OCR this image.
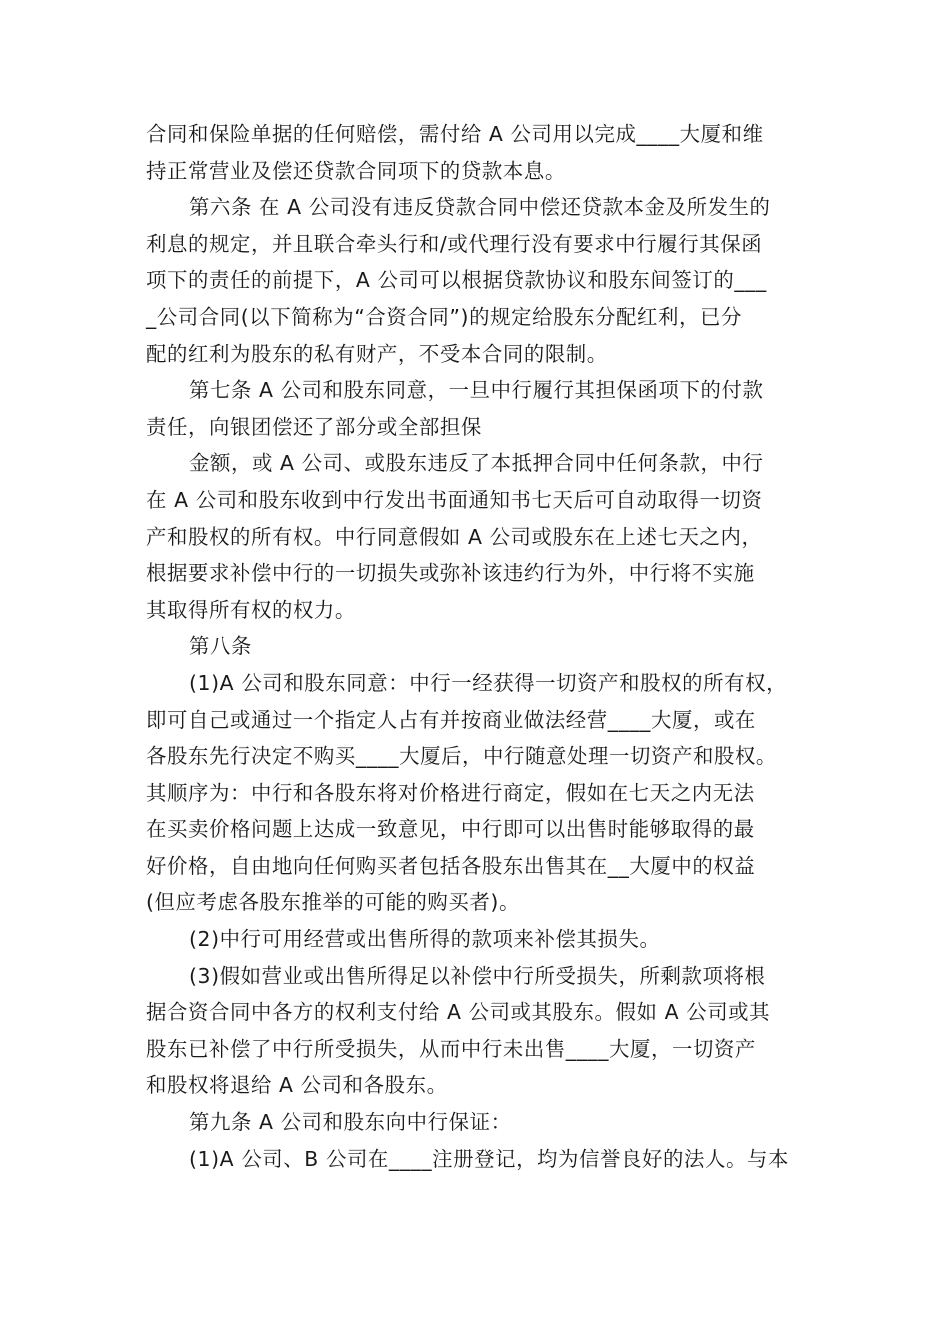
合同和保险单据的任何赔偿，需付给 A 公司用以完成____大厦和维
持正常营业及偿还贷款合同项下的贷款本息。
第六条 在 A 公司没有违反贷款合同中偿还贷款本金及所发生的
利息的规定，并且联合牵头行和/或代理行没有要求中行履行其保函
项下的责任的前提下，A 公司可以根据贷款协议和股东间签订的___
_公司合同(以下简称为“合资合同”)的规定给股东分配红利，已分
配的红利为股东的私有财产，不受本合同的限制。
第七条 A 公司和股东同意，一旦中行履行其担保函项下的付款
责任，向银团偿还了部分或全部担保
金额，或 A 公司、或股东违反了本抵押合同中任何条款，中行
在 A 公司和股东收到中行发出书面通知书七天后可自动取得一切资
产和股权的所有权。中行同意假如 A 公司或股东在上述七天之内，
根据要求补偿中行的一切损失或弥补该违约行为外，中行将不实施
其取得所有权的权力。
第八条
(1)A 公司和股东同意：中行一经获得一切资产和股权的所有权，
即可自己或通过一个指定人占有并按商业做法经营____大厦，或在
各股东先行决定不购买____大厦后，中行随意处理一切资产和股权。
其顺序为：中行和各股东将对价格进行商定，假如在七天之内无法
在买卖价格问题上达成一致意见，中行即可以出售时能够取得的最
好价格，自由地向任何购买者包括各股东出售其在__大厦中的权益
(但应考虑各股东推举的可能的购买者)。
(2)中行可用经营或出售所得的款项来补偿其损失。
(3)假如营业或出售所得足以补偿中行所受损失，所剩款项将根
据合资合同中各方的权利支付给 A 公司或其股东。假如 A 公司或其
股东已补偿了中行所受损失，从而中行未出售____大厦，一切资产
和股权将退给 A 公司和各股东。
第九条 A 公司和股东向中行保证：
(1)A 公司、B 公司在____注册登记，均为信誉良好的法人。与本
